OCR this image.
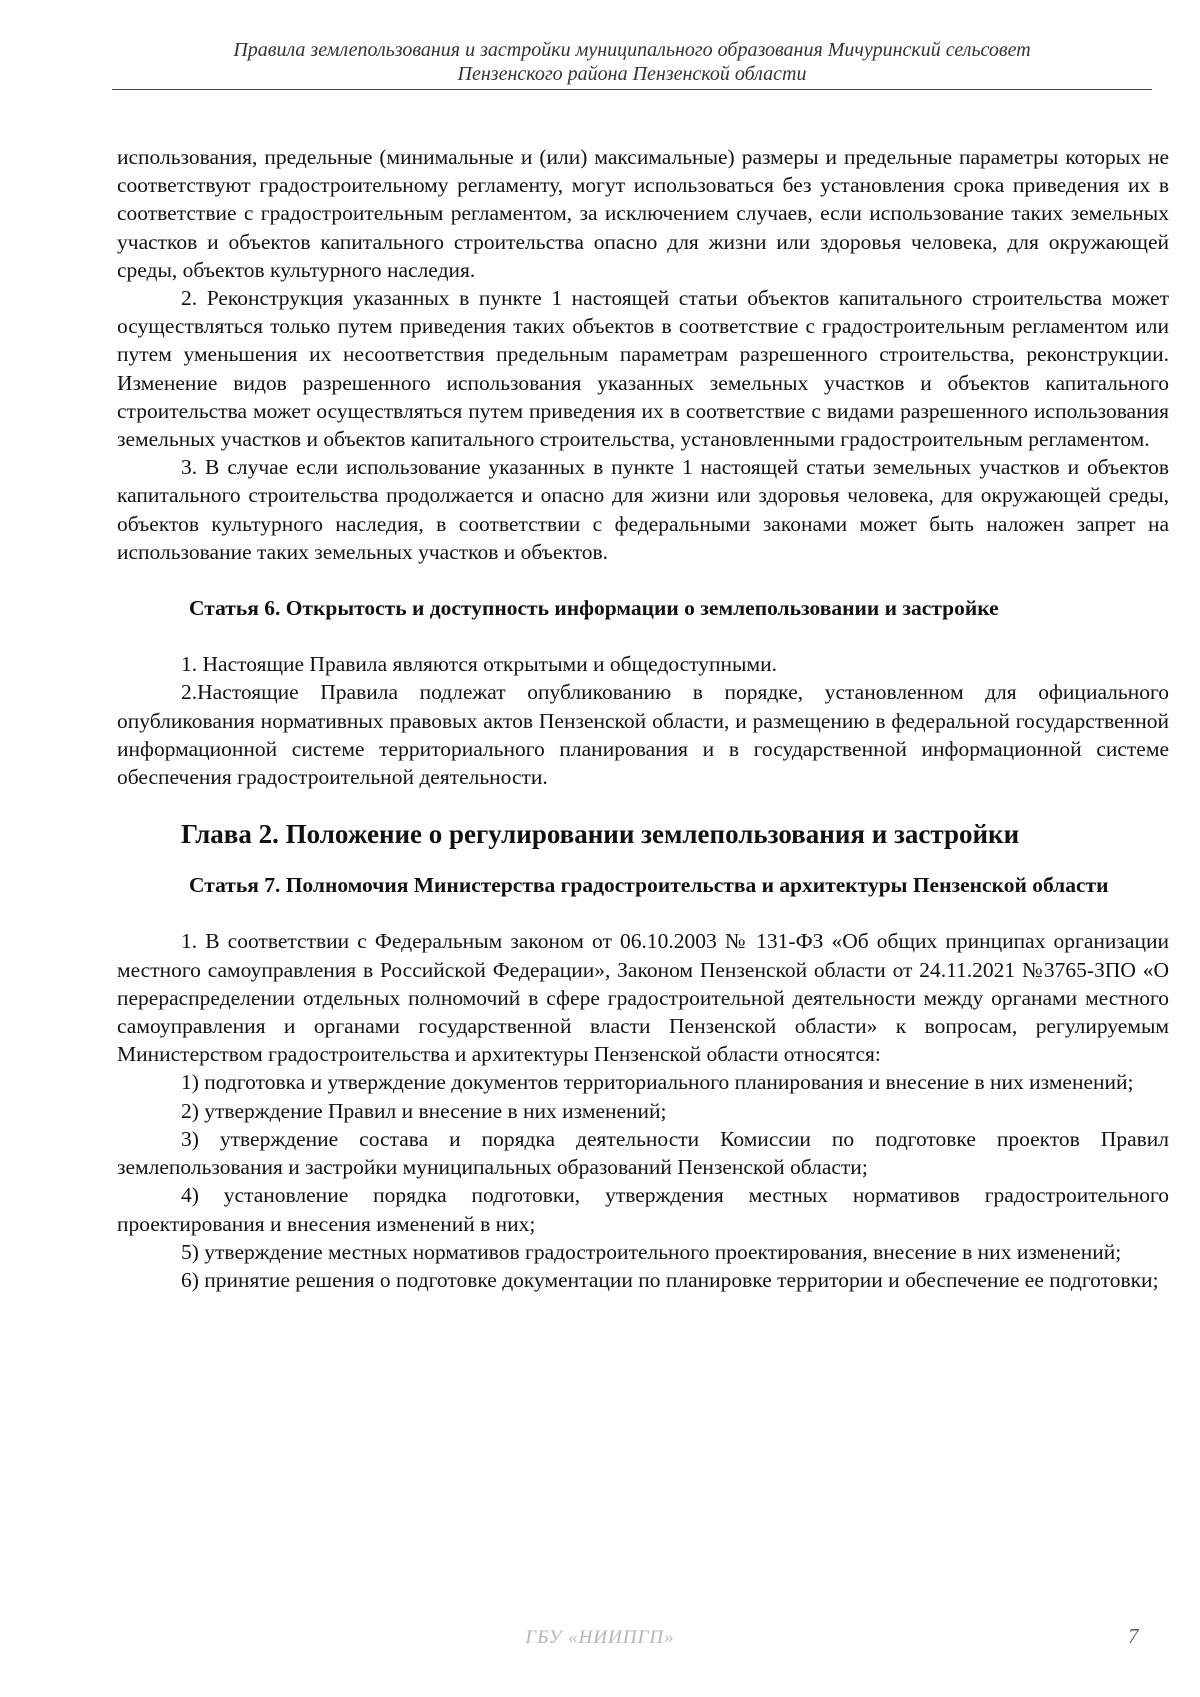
Правила землепользования и застройки муниципального образования Мичуринский сельсовет
Пензенского района Пензенской области

использования, предельные (минимальные и (или) максимальные) размеры и предельные параметры которых не соответствуют градостроительному регламенту, могут использоваться без установления срока приведения их в соответствие с градостроительным регламентом, за исключением случаев, если использование таких земельных участков и объектов капитального строительства опасно для жизни или здоровья человека, для окружающей среды, объектов культурного наследия.

2. Реконструкция указанных в пункте 1 настоящей статьи объектов капитального строительства может осуществляться только путем приведения таких объектов в соответствие с градостроительным регламентом или путем уменьшения их несоответствия предельным параметрам разрешенного строительства, реконструкции. Изменение видов разрешенного использования указанных земельных участков и объектов капитального строительства может осуществляться путем приведения их в соответствие с видами разрешенного использования земельных участков и объектов капитального строительства, установленными градостроительным регламентом.

3. В случае если использование указанных в пункте 1 настоящей статьи земельных участков и объектов капитального строительства продолжается и опасно для жизни или здоровья человека, для окружающей среды, объектов культурного наследия, в соответствии с федеральными законами может быть наложен запрет на использование таких земельных участков и объектов.

Статья 6. Открытость и доступность информации о землепользовании и застройке

1. Настоящие Правила являются открытыми и общедоступными.

2.Настоящие Правила подлежат опубликованию в порядке, установленном для официального опубликования нормативных правовых актов Пензенской области, и размещению в федеральной государственной информационной системе территориального планирования и в государственной информационной системе обеспечения градостроительной деятельности.

Глава 2. Положение о регулировании землепользования и застройки

Статья 7. Полномочия Министерства градостроительства и архитектуры Пензенской области

1. В соответствии с Федеральным законом от 06.10.2003 № 131-ФЗ «Об общих принципах организации местного самоуправления в Российской Федерации», Законом Пензенской области от 24.11.2021 №3765-ЗПО «О перераспределении отдельных полномочий в сфере градостроительной деятельности между органами местного самоуправления и органами государственной власти Пензенской области» к вопросам, регулируемым Министерством градостроительства и архитектуры Пензенской области относятся:

1) подготовка и утверждение документов территориального планирования и внесение в них изменений;

2) утверждение Правил и внесение в них изменений;

3) утверждение состава и порядка деятельности Комиссии по подготовке проектов Правил землепользования и застройки муниципальных образований Пензенской области;

4) установление порядка подготовки, утверждения местных нормативов градостроительного проектирования и внесения изменений в них;

5) утверждение местных нормативов градостроительного проектирования, внесение в них изменений;

6) принятие решения о подготовке документации по планировке территории и обеспечение ее подготовки;

ГБУ «НИИПГП»	7
